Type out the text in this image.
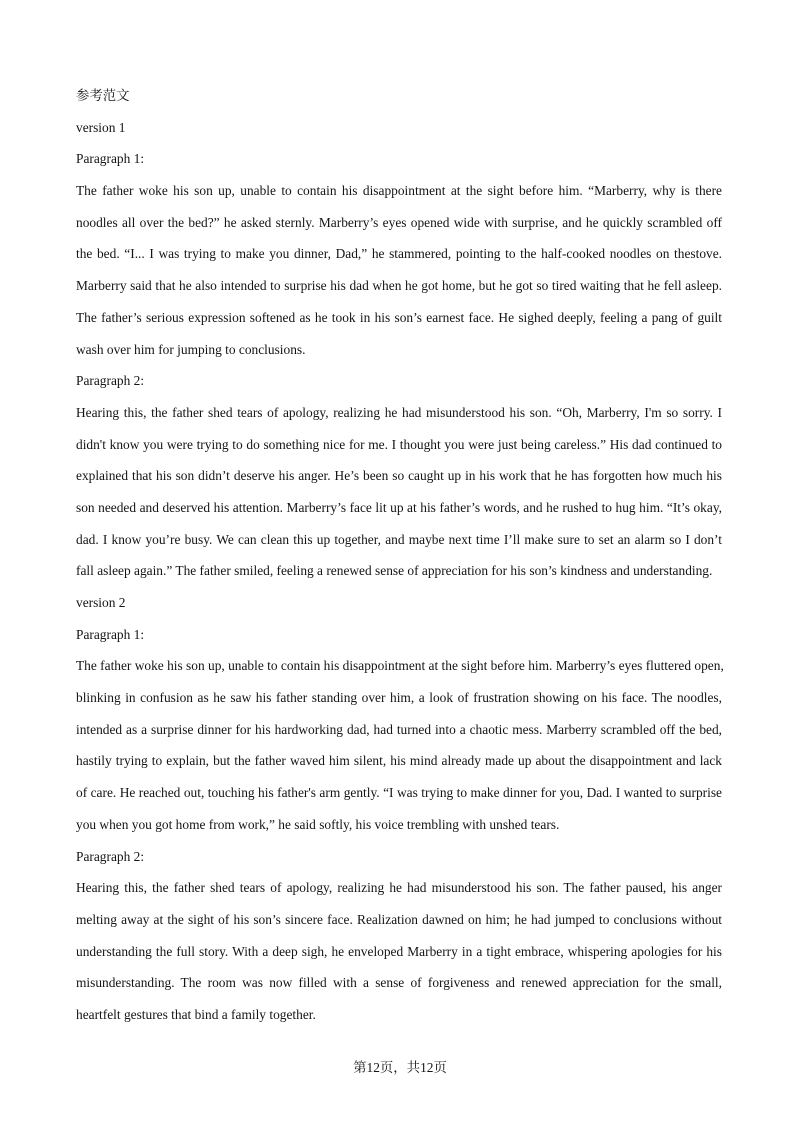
参考范文
version 1
Paragraph 1:
The father woke his son up, unable to contain his disappointment at the sight before him. “Marberry, why is there
noodles all over the bed?” he asked sternly. Marberry’s eyes opened wide with surprise, and he quickly scrambled off
the bed. “I... I was trying to make you dinner, Dad,” he stammered, pointing to the half-cooked noodles on thestove.
Marberry said that he also intended to surprise his dad when he got home, but he got so tired waiting that he fell asleep.
The father’s serious expression softened as he took in his son’s earnest face. He sighed deeply, feeling a pang of guilt
wash over him for jumping to conclusions.
Paragraph 2:
Hearing this, the father shed tears of apology, realizing he had misunderstood his son. “Oh, Marberry, I'm so sorry. I
didn't know you were trying to do something nice for me. I thought you were just being careless.” His dad continued to
explained that his son didn’t deserve his anger. He’s been so caught up in his work that he has forgotten how much his
son needed and deserved his attention. Marberry’s face lit up at his father’s words, and he rushed to hug him. “It’s okay,
dad. I know you’re busy. We can clean this up together, and maybe next time I’ll make sure to set an alarm so I don’t
fall asleep again.” The father smiled, feeling a renewed sense of appreciation for his son’s kindness and understanding.
version 2
Paragraph 1:
The father woke his son up, unable to contain his disappointment at the sight before him. Marberry’s eyes fluttered open,
blinking in confusion as he saw his father standing over him, a look of frustration showing on his face. The noodles,
intended as a surprise dinner for his hardworking dad, had turned into a chaotic mess. Marberry scrambled off the bed,
hastily trying to explain, but the father waved him silent, his mind already made up about the disappointment and lack
of care. He reached out, touching his father's arm gently. “I was trying to make dinner for you, Dad. I wanted to surprise
you when you got home from work,” he said softly, his voice trembling with unshed tears.
Paragraph 2:
Hearing this, the father shed tears of apology, realizing he had misunderstood his son. The father paused, his anger
melting away at the sight of his son’s sincere face. Realization dawned on him; he had jumped to conclusions without
understanding the full story. With a deep sigh, he enveloped Marberry in a tight embrace, whispering apologies for his
misunderstanding. The room was now filled with a sense of forgiveness and renewed appreciation for the small,
heartfelt gestures that bind a family together.
第12页，共12页
